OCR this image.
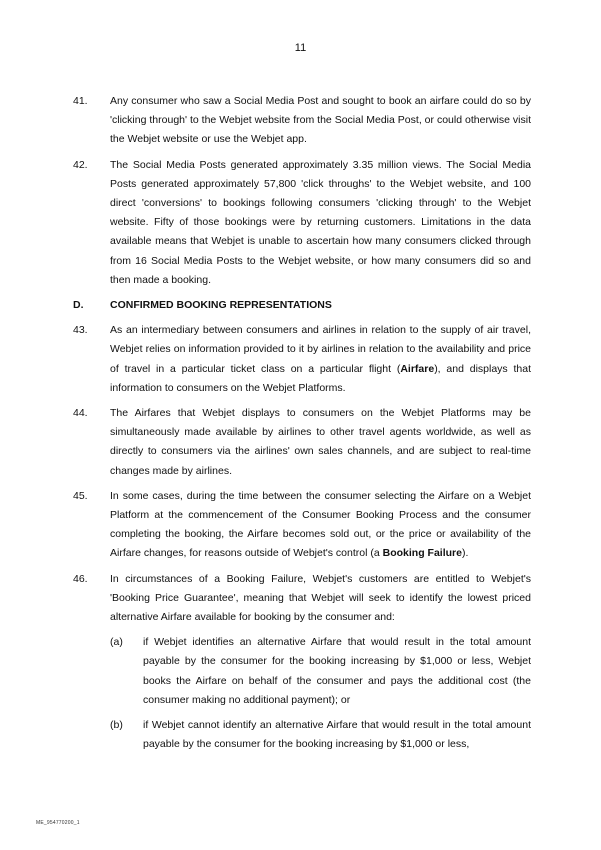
11
41.	Any consumer who saw a Social Media Post and sought to book an airfare could do so by 'clicking through' to the Webjet website from the Social Media Post, or could otherwise visit the Webjet website or use the Webjet app.
42.	The Social Media Posts generated approximately 3.35 million views. The Social Media Posts generated approximately 57,800 'click throughs' to the Webjet website, and 100 direct 'conversions' to bookings following consumers 'clicking through' to the Webjet website. Fifty of those bookings were by returning customers. Limitations in the data available means that Webjet is unable to ascertain how many consumers clicked through from 16 Social Media Posts to the Webjet website, or how many consumers did so and then made a booking.
D.	CONFIRMED BOOKING REPRESENTATIONS
43.	As an intermediary between consumers and airlines in relation to the supply of air travel, Webjet relies on information provided to it by airlines in relation to the availability and price of travel in a particular ticket class on a particular flight (Airfare), and displays that information to consumers on the Webjet Platforms.
44.	The Airfares that Webjet displays to consumers on the Webjet Platforms may be simultaneously made available by airlines to other travel agents worldwide, as well as directly to consumers via the airlines' own sales channels, and are subject to real-time changes made by airlines.
45.	In some cases, during the time between the consumer selecting the Airfare on a Webjet Platform at the commencement of the Consumer Booking Process and the consumer completing the booking, the Airfare becomes sold out, or the price or availability of the Airfare changes, for reasons outside of Webjet's control (a Booking Failure).
46.	In circumstances of a Booking Failure, Webjet's customers are entitled to Webjet's 'Booking Price Guarantee', meaning that Webjet will seek to identify the lowest priced alternative Airfare available for booking by the consumer and:
(a)	if Webjet identifies an alternative Airfare that would result in the total amount payable by the consumer for the booking increasing by $1,000 or less, Webjet books the Airfare on behalf of the consumer and pays the additional cost (the consumer making no additional payment); or
(b)	if Webjet cannot identify an alternative Airfare that would result in the total amount payable by the consumer for the booking increasing by $1,000 or less,
ME_954770200_1
